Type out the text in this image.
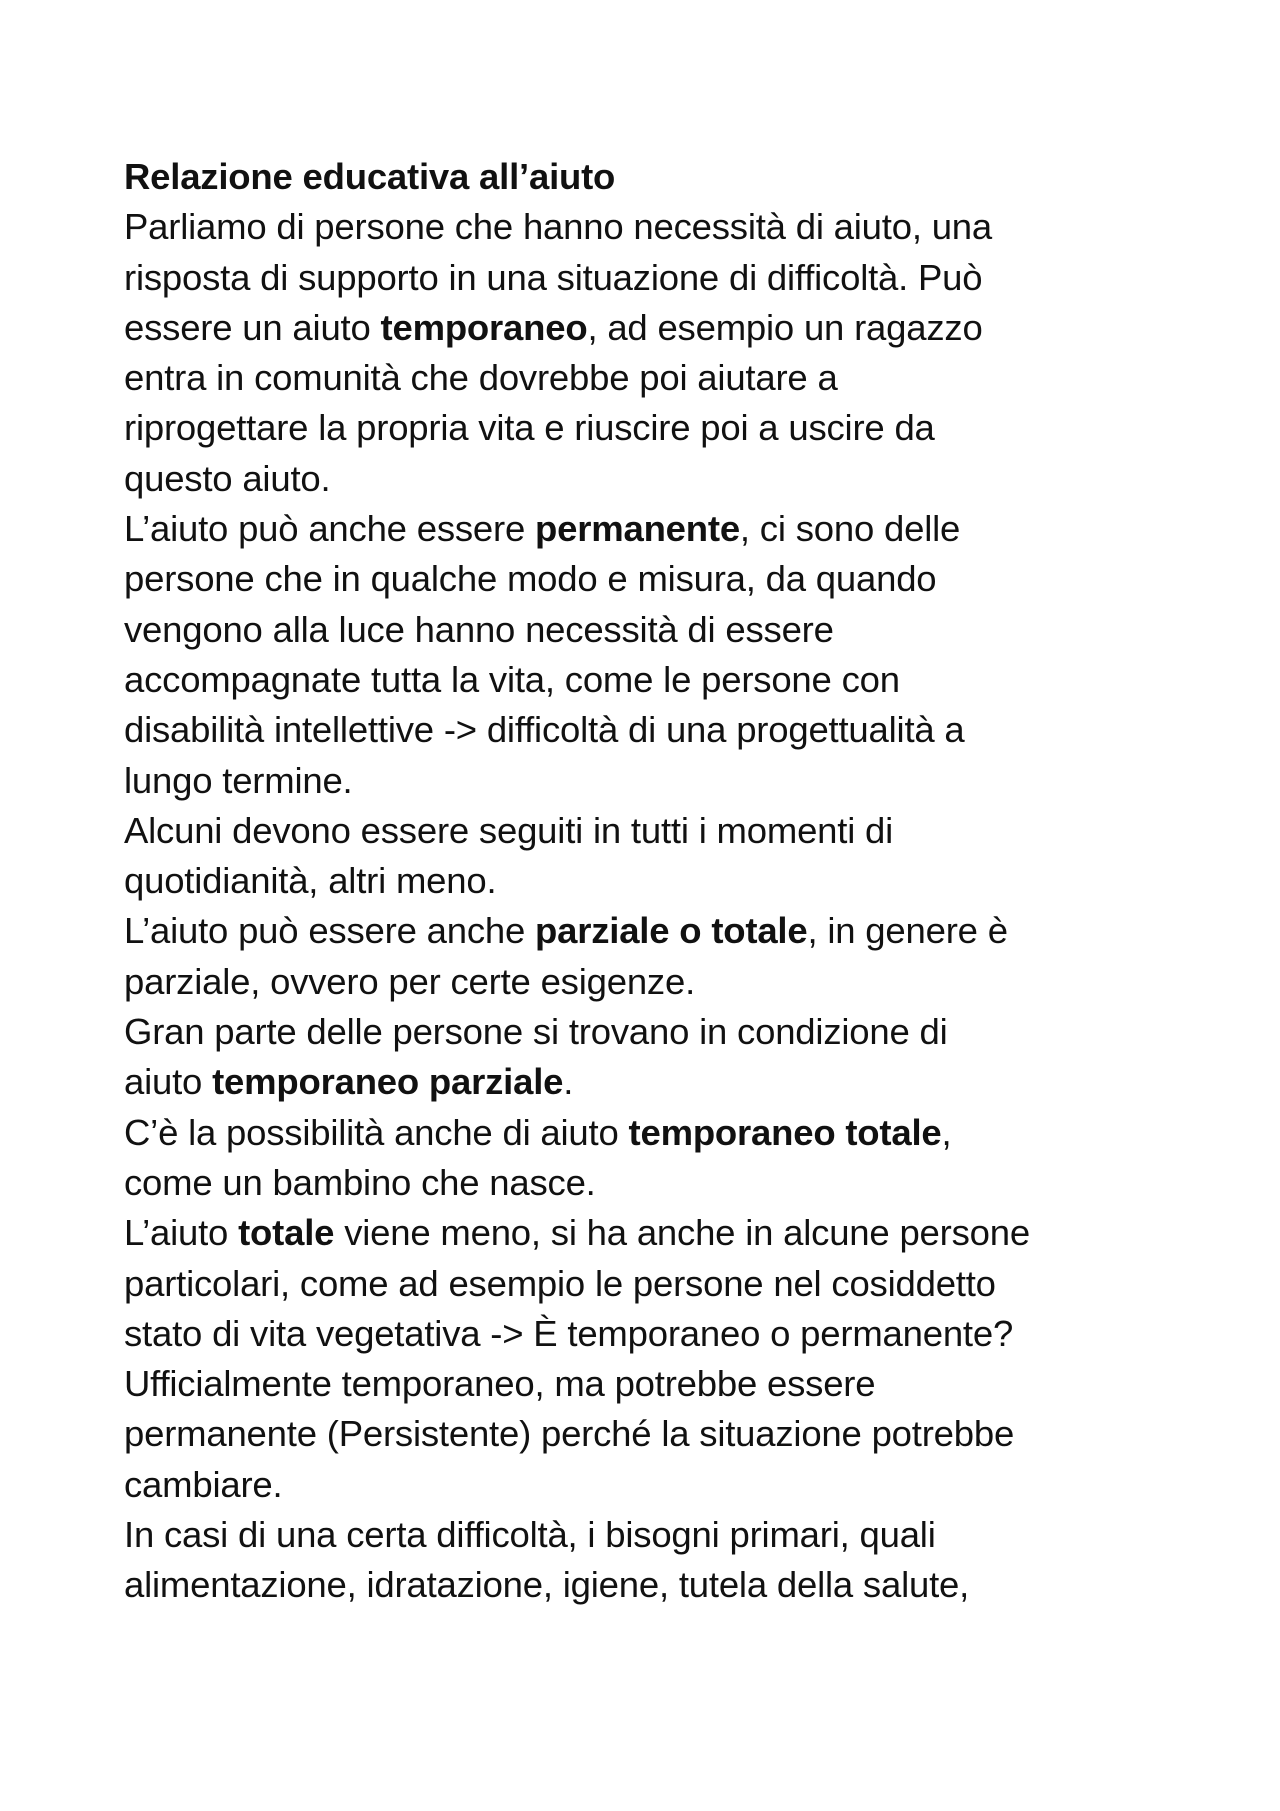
Relazione educativa all’aiuto
Parliamo di persone che hanno necessità di aiuto, una
risposta di supporto in una situazione di difficoltà. Può
essere un aiuto temporaneo, ad esempio un ragazzo
entra in comunità che dovrebbe poi aiutare a
riprogettare la propria vita e riuscire poi a uscire da
questo aiuto.
L’aiuto può anche essere permanente, ci sono delle
persone che in qualche modo e misura, da quando
vengono alla luce hanno necessità di essere
accompagnate tutta la vita, come le persone con
disabilità intellettive -> difficoltà di una progettualità a
lungo termine.
Alcuni devono essere seguiti in tutti i momenti di
quotidianità, altri meno.
L’aiuto può essere anche parziale o totale, in genere è
parziale, ovvero per certe esigenze.
Gran parte delle persone si trovano in condizione di
aiuto temporaneo parziale.
C’è la possibilità anche di aiuto temporaneo totale,
come un bambino che nasce.
L’aiuto totale viene meno, si ha anche in alcune persone
particolari, come ad esempio le persone nel cosiddetto
stato di vita vegetativa -> È temporaneo o permanente?
Ufficialmente temporaneo, ma potrebbe essere
permanente (Persistente) perché la situazione potrebbe
cambiare.
In casi di una certa difficoltà, i bisogni primari, quali
alimentazione, idratazione, igiene, tutela della salute,
